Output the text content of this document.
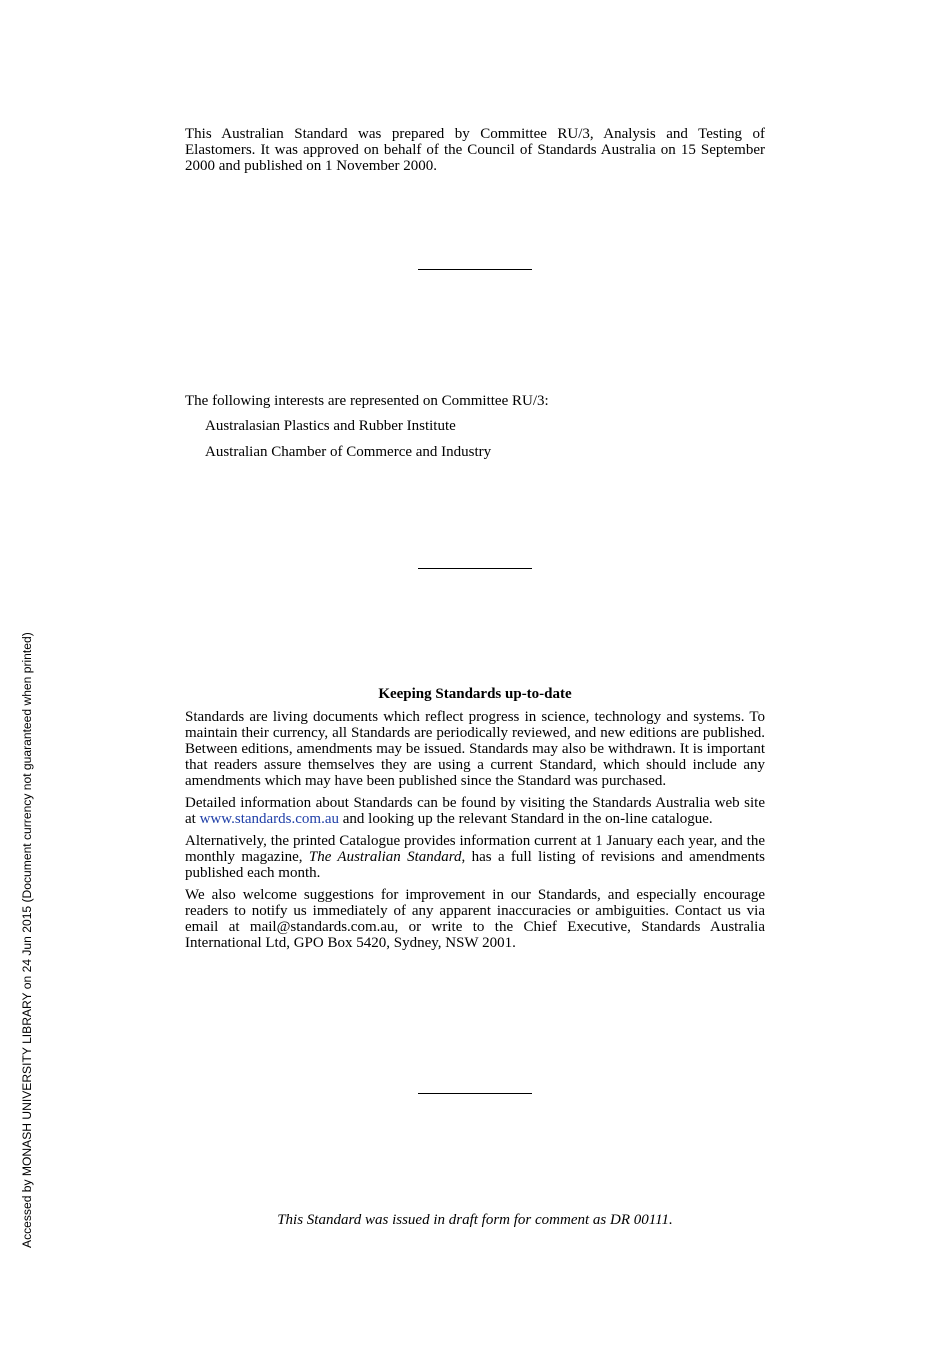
This Australian Standard was prepared by Committee RU/3, Analysis and Testing of Elastomers. It was approved on behalf of the Council of Standards Australia on 15 September 2000 and published on 1 November 2000.

The following interests are represented on Committee RU/3:

Australasian Plastics and Rubber Institute

Australian Chamber of Commerce and Industry

Keeping Standards up-to-date

Standards are living documents which reflect progress in science, technology and systems. To maintain their currency, all Standards are periodically reviewed, and new editions are published. Between editions, amendments may be issued. Standards may also be withdrawn. It is important that readers assure themselves they are using a current Standard, which should include any amendments which may have been published since the Standard was purchased.

Detailed information about Standards can be found by visiting the Standards Australia web site at www.standards.com.au and looking up the relevant Standard in the on-line catalogue.

Alternatively, the printed Catalogue provides information current at 1 January each year, and the monthly magazine, The Australian Standard, has a full listing of revisions and amendments published each month.

We also welcome suggestions for improvement in our Standards, and especially encourage readers to notify us immediately of any apparent inaccuracies or ambiguities. Contact us via email at mail@standards.com.au, or write to the Chief Executive, Standards Australia International Ltd, GPO Box 5420, Sydney, NSW 2001.

This Standard was issued in draft form for comment as DR 00111.
Accessed by MONASH UNIVERSITY LIBRARY on 24 Jun 2015 (Document currency not guaranteed when printed)
